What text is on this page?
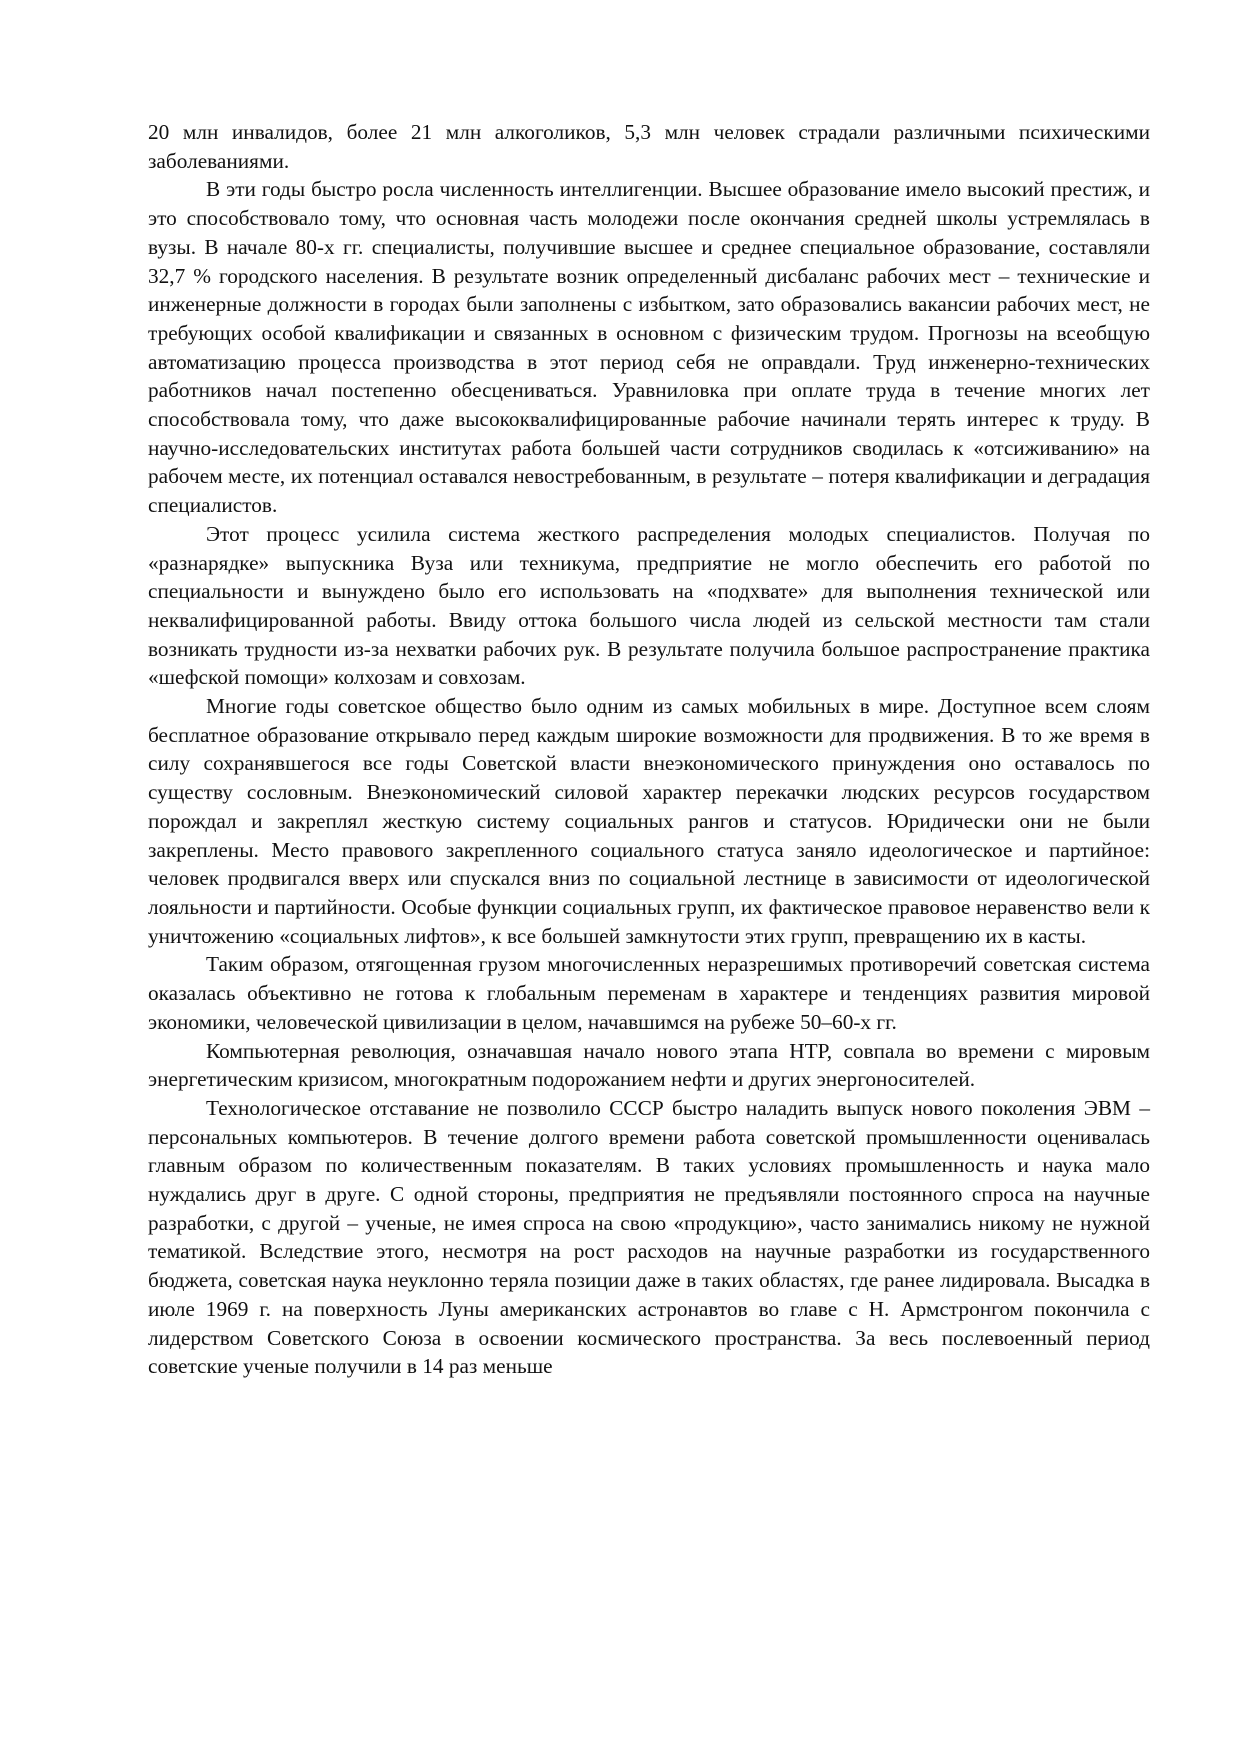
20 млн инвалидов, более 21 млн алкоголиков, 5,3 млн человек страдали различными психическими заболеваниями.

В эти годы быстро росла численность интеллигенции. Высшее образование имело высокий престиж, и это способствовало тому, что основная часть молодежи после окончания средней школы устремлялась в вузы. В начале 80-х гг. специалисты, получившие высшее и среднее специальное образование, составляли 32,7 % городского населения. В результате возник определенный дисбаланс рабочих мест – технические и инженерные должности в городах были заполнены с избытком, зато образовались вакансии рабочих мест, не требующих особой квалификации и связанных в основном с физическим трудом. Прогнозы на всеобщую автоматизацию процесса производства в этот период себя не оправдали. Труд инженерно-технических работников начал постепенно обесцениваться. Уравниловка при оплате труда в течение многих лет способствовала тому, что даже высококвалифицированные рабочие начинали терять интерес к труду. В научно-исследовательских институтах работа большей части сотрудников сводилась к «отсиживанию» на рабочем месте, их потенциал оставался невостребованным, в результате – потеря квалификации и деградация специалистов.

Этот процесс усилила система жесткого распределения молодых специалистов. Получая по «разнарядке» выпускника Вуза или техникума, предприятие не могло обеспечить его работой по специальности и вынуждено было его использовать на «подхвате» для выполнения технической или неквалифицированной работы. Ввиду оттока большого числа людей из сельской местности там стали возникать трудности из-за нехватки рабочих рук. В результате получила большое распространение практика «шефской помощи» колхозам и совхозам.

Многие годы советское общество было одним из самых мобильных в мире. Доступное всем слоям бесплатное образование открывало перед каждым широкие возможности для продвижения. В то же время в силу сохранявшегося все годы Советской власти внеэкономического принуждения оно оставалось по существу сословным. Внеэкономический силовой характер перекачки людских ресурсов государством порождал и закреплял жесткую систему социальных рангов и статусов. Юридически они не были закреплены. Место правового закрепленного социального статуса заняло идеологическое и партийное: человек продвигался вверх или спускался вниз по социальной лестнице в зависимости от идеологической лояльности и партийности. Особые функции социальных групп, их фактическое правовое неравенство вели к уничтожению «социальных лифтов», к все большей замкнутости этих групп, превращению их в касты.

Таким образом, отягощенная грузом многочисленных неразрешимых противоречий советская система оказалась объективно не готова к глобальным переменам в характере и тенденциях развития мировой экономики, человеческой цивилизации в целом, начавшимся на рубеже 50–60-х гг.

Компьютерная революция, означавшая начало нового этапа НТР, совпала во времени с мировым энергетическим кризисом, многократным подорожанием нефти и других энергоносителей.

Технологическое отставание не позволило СССР быстро наладить выпуск нового поколения ЭВМ – персональных компьютеров. В течение долгого времени работа советской промышленности оценивалась главным образом по количественным показателям. В таких условиях промышленность и наука мало нуждались друг в друге. С одной стороны, предприятия не предъявляли постоянного спроса на научные разработки, с другой – ученые, не имея спроса на свою «продукцию», часто занимались никому не нужной тематикой. Вследствие этого, несмотря на рост расходов на научные разработки из государственного бюджета, советская наука неуклонно теряла позиции даже в таких областях, где ранее лидировала. Высадка в июле 1969 г. на поверхность Луны американских астронавтов во главе с Н. Армстронгом покончила с лидерством Советского Союза в освоении космического пространства. За весь послевоенный период советские ученые получили в 14 раз меньше
